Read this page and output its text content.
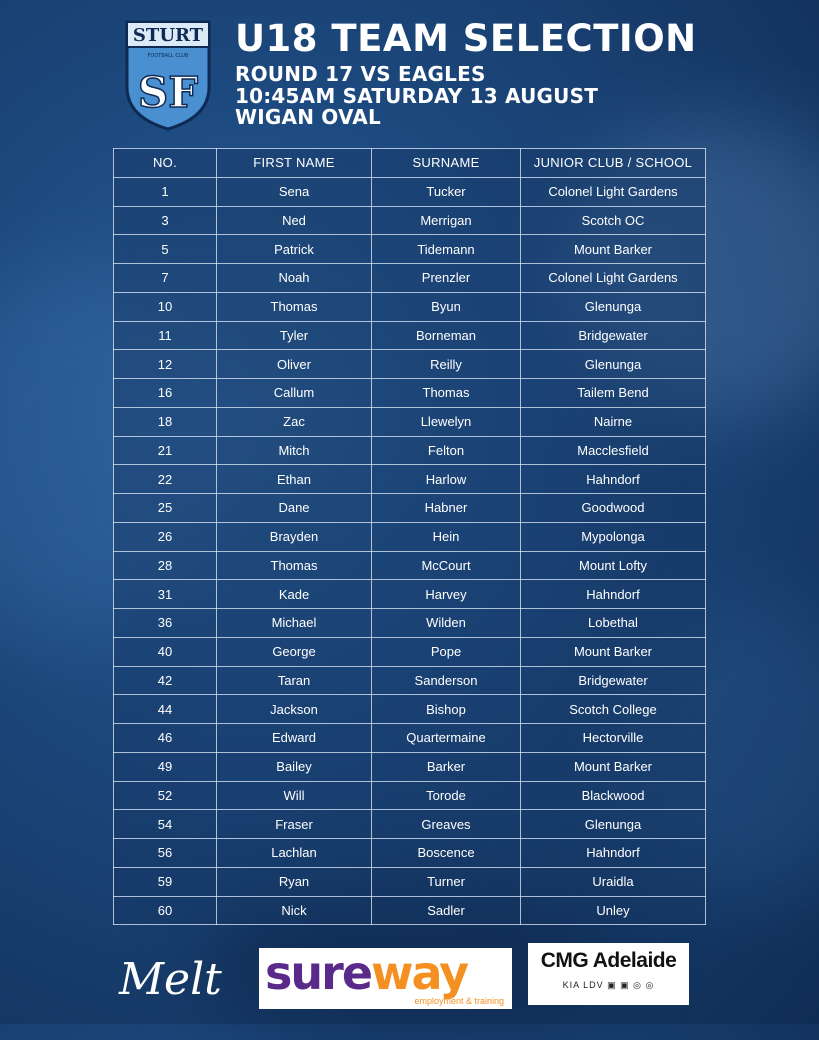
STURT
FOOTBALL CLUB
SF
U18 TEAM SELECTION
ROUND 17 VS EAGLES
10:45AM SATURDAY 13 AUGUST
WIGAN OVAL
NO.	FIRST NAME	SURNAME	JUNIOR CLUB / SCHOOL
1	Sena	Tucker	Colonel Light Gardens
3	Ned	Merrigan	Scotch OC
5	Patrick	Tidemann	Mount Barker
7	Noah	Prenzler	Colonel Light Gardens
10	Thomas	Byun	Glenunga
11	Tyler	Borneman	Bridgewater
12	Oliver	Reilly	Glenunga
16	Callum	Thomas	Tailem Bend
18	Zac	Llewelyn	Nairne
21	Mitch	Felton	Macclesfield
22	Ethan	Harlow	Hahndorf
25	Dane	Habner	Goodwood
26	Brayden	Hein	Mypolonga
28	Thomas	McCourt	Mount Lofty
31	Kade	Harvey	Hahndorf
36	Michael	Wilden	Lobethal
40	George	Pope	Mount Barker
42	Taran	Sanderson	Bridgewater
44	Jackson	Bishop	Scotch College
46	Edward	Quartermaine	Hectorville
49	Bailey	Barker	Mount Barker
52	Will	Torode	Blackwood
54	Fraser	Greaves	Glenunga
56	Lachlan	Boscence	Hahndorf
59	Ryan	Turner	Uraidla
60	Nick	Sadler	Unley
Melt sureway
employment & training
CMG Adelaide
KIA LDV ▣ ▣ ◎ ◎
